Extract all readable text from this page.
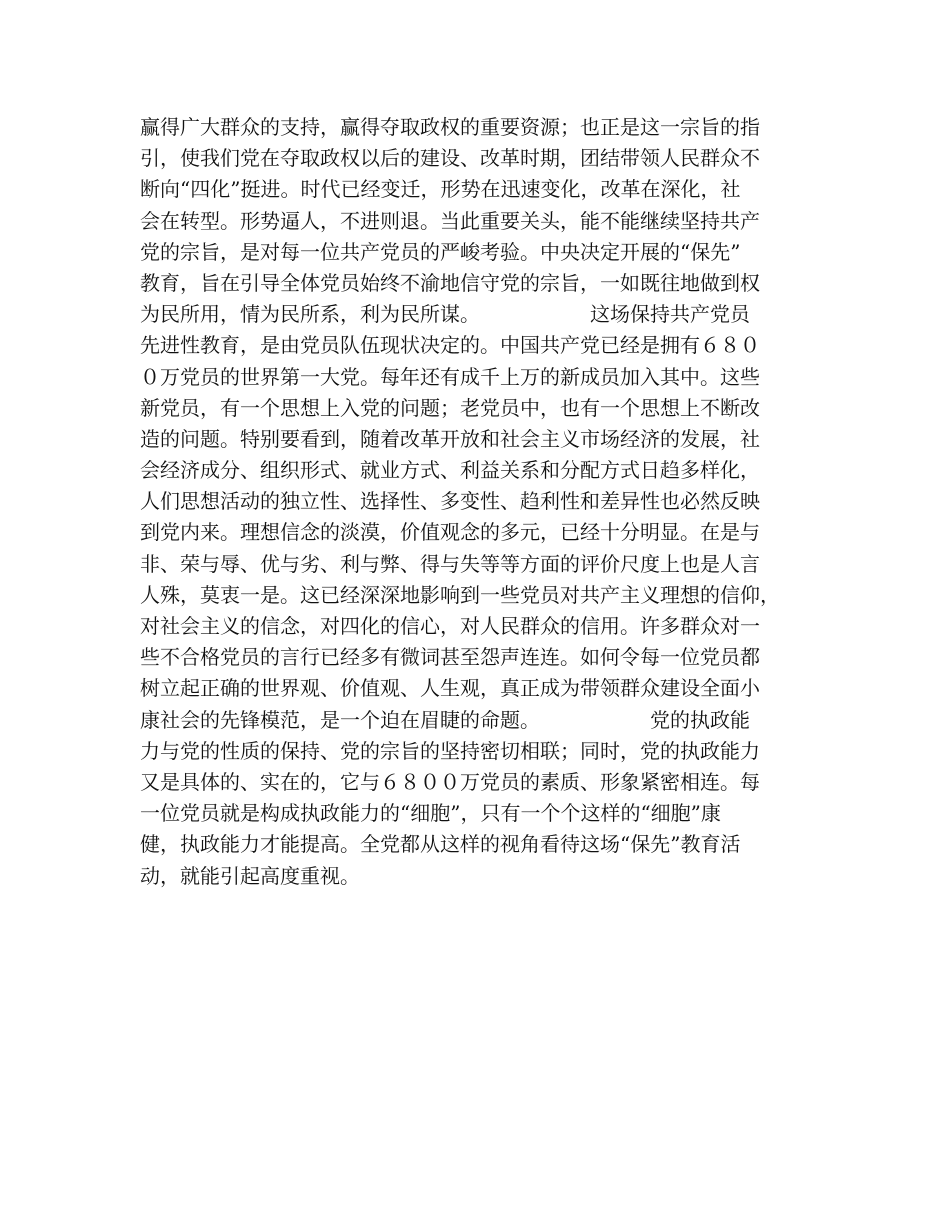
赢得广大群众的支持，赢得夺取政权的重要资源；也正是这一宗旨的指
引，使我们党在夺取政权以后的建设、改革时期，团结带领人民群众不
断向“四化”挺进。时代已经变迁，形势在迅速变化，改革在深化，社
会在转型。形势逼人，不进则退。当此重要关头，能不能继续坚持共产
党的宗旨，是对每一位共产党员的严峻考验。中央决定开展的“保先”
教育，旨在引导全体党员始终不渝地信守党的宗旨，一如既往地做到权
为民所用，情为民所系，利为民所谋。　　　　　　这场保持共产党员
先进性教育，是由党员队伍现状决定的。中国共产党已经是拥有６８０
０万党员的世界第一大党。每年还有成千上万的新成员加入其中。这些
新党员，有一个思想上入党的问题；老党员中，也有一个思想上不断改
造的问题。特别要看到，随着改革开放和社会主义市场经济的发展，社
会经济成分、组织形式、就业方式、利益关系和分配方式日趋多样化，
人们思想活动的独立性、选择性、多变性、趋利性和差异性也必然反映
到党内来。理想信念的淡漠，价值观念的多元，已经十分明显。在是与
非、荣与辱、优与劣、利与弊、得与失等等方面的评价尺度上也是人言
人殊，莫衷一是。这已经深深地影响到一些党员对共产主义理想的信仰，
对社会主义的信念，对四化的信心，对人民群众的信用。许多群众对一
些不合格党员的言行已经多有微词甚至怨声连连。如何令每一位党员都
树立起正确的世界观、价值观、人生观，真正成为带领群众建设全面小
康社会的先锋模范，是一个迫在眉睫的命题。　　　　　　党的执政能
力与党的性质的保持、党的宗旨的坚持密切相联；同时，党的执政能力
又是具体的、实在的，它与６８００万党员的素质、形象紧密相连。每
一位党员就是构成执政能力的“细胞”，只有一个个这样的“细胞”康
健，执政能力才能提高。全党都从这样的视角看待这场“保先”教育活
动，就能引起高度重视。
